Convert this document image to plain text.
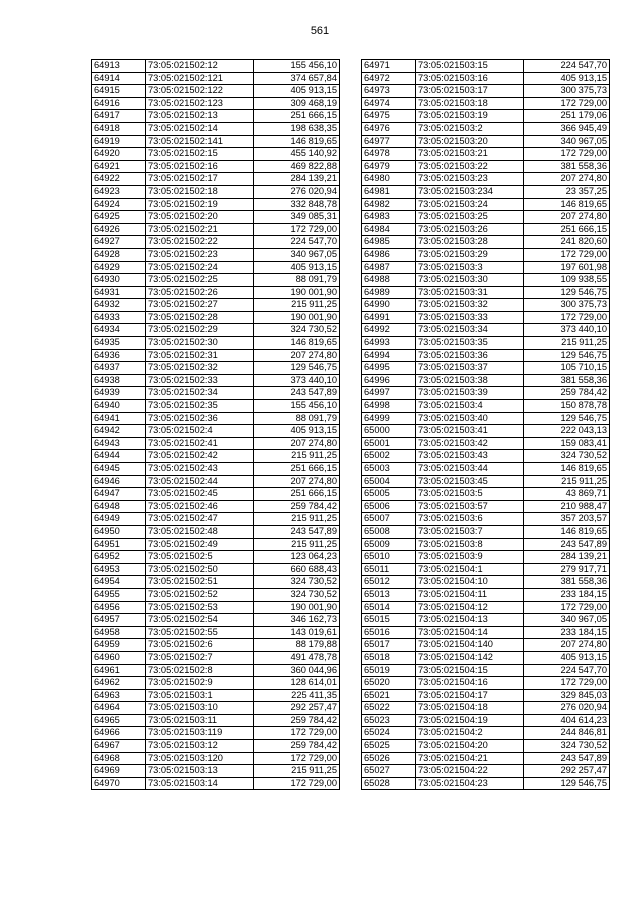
561
64913	73:05:021502:12	155 456,10
64914	73:05:021502:121	374 657,84
64915	73:05:021502:122	405 913,15
64916	73:05:021502:123	309 468,19
64917	73:05:021502:13	251 666,15
64918	73:05:021502:14	198 638,35
64919	73:05:021502:141	146 819,65
64920	73:05:021502:15	455 140,92
64921	73:05:021502:16	469 822,88
64922	73:05:021502:17	284 139,21
64923	73:05:021502:18	276 020,94
64924	73:05:021502:19	332 848,78
64925	73:05:021502:20	349 085,31
64926	73:05:021502:21	172 729,00
64927	73:05:021502:22	224 547,70
64928	73:05:021502:23	340 967,05
64929	73:05:021502:24	405 913,15
64930	73:05:021502:25	88 091,79
64931	73:05:021502:26	190 001,90
64932	73:05:021502:27	215 911,25
64933	73:05:021502:28	190 001,90
64934	73:05:021502:29	324 730,52
64935	73:05:021502:30	146 819,65
64936	73:05:021502:31	207 274,80
64937	73:05:021502:32	129 546,75
64938	73:05:021502:33	373 440,10
64939	73:05:021502:34	243 547,89
64940	73:05:021502:35	155 456,10
64941	73:05:021502:36	88 091,79
64942	73:05:021502:4	405 913,15
64943	73:05:021502:41	207 274,80
64944	73:05:021502:42	215 911,25
64945	73:05:021502:43	251 666,15
64946	73:05:021502:44	207 274,80
64947	73:05:021502:45	251 666,15
64948	73:05:021502:46	259 784,42
64949	73:05:021502:47	215 911,25
64950	73:05:021502:48	243 547,89
64951	73:05:021502:49	215 911,25
64952	73:05:021502:5	123 064,23
64953	73:05:021502:50	660 688,43
64954	73:05:021502:51	324 730,52
64955	73:05:021502:52	324 730,52
64956	73:05:021502:53	190 001,90
64957	73:05:021502:54	346 162,73
64958	73:05:021502:55	143 019,61
64959	73:05:021502:6	88 179,88
64960	73:05:021502:7	491 478,78
64961	73:05:021502:8	360 044,96
64962	73:05:021502:9	128 614,01
64963	73:05:021503:1	225 411,35
64964	73:05:021503:10	292 257,47
64965	73:05:021503:11	259 784,42
64966	73:05:021503:119	172 729,00
64967	73:05:021503:12	259 784,42
64968	73:05:021503:120	172 729,00
64969	73:05:021503:13	215 911,25
64970	73:05:021503:14	172 729,00
64971	73:05:021503:15	224 547,70
64972	73:05:021503:16	405 913,15
64973	73:05:021503:17	300 375,73
64974	73:05:021503:18	172 729,00
64975	73:05:021503:19	251 179,06
64976	73:05:021503:2	366 945,49
64977	73:05:021503:20	340 967,05
64978	73:05:021503:21	172 729,00
64979	73:05:021503:22	381 558,36
64980	73:05:021503:23	207 274,80
64981	73:05:021503:234	23 357,25
64982	73:05:021503:24	146 819,65
64983	73:05:021503:25	207 274,80
64984	73:05:021503:26	251 666,15
64985	73:05:021503:28	241 820,60
64986	73:05:021503:29	172 729,00
64987	73:05:021503:3	197 601,98
64988	73:05:021503:30	109 938,55
64989	73:05:021503:31	129 546,75
64990	73:05:021503:32	300 375,73
64991	73:05:021503:33	172 729,00
64992	73:05:021503:34	373 440,10
64993	73:05:021503:35	215 911,25
64994	73:05:021503:36	129 546,75
64995	73:05:021503:37	105 710,15
64996	73:05:021503:38	381 558,36
64997	73:05:021503:39	259 784,42
64998	73:05:021503:4	150 878,78
64999	73:05:021503:40	129 546,75
65000	73:05:021503:41	222 043,13
65001	73:05:021503:42	159 083,41
65002	73:05:021503:43	324 730,52
65003	73:05:021503:44	146 819,65
65004	73:05:021503:45	215 911,25
65005	73:05:021503:5	43 869,71
65006	73:05:021503:57	210 988,47
65007	73:05:021503:6	357 203,57
65008	73:05:021503:7	146 819,65
65009	73:05:021503:8	243 547,89
65010	73:05:021503:9	284 139,21
65011	73:05:021504:1	279 917,71
65012	73:05:021504:10	381 558,36
65013	73:05:021504:11	233 184,15
65014	73:05:021504:12	172 729,00
65015	73:05:021504:13	340 967,05
65016	73:05:021504:14	233 184,15
65017	73:05:021504:140	207 274,80
65018	73:05:021504:142	405 913,15
65019	73:05:021504:15	224 547,70
65020	73:05:021504:16	172 729,00
65021	73:05:021504:17	329 845,03
65022	73:05:021504:18	276 020,94
65023	73:05:021504:19	404 614,23
65024	73:05:021504:2	244 846,81
65025	73:05:021504:20	324 730,52
65026	73:05:021504:21	243 547,89
65027	73:05:021504:22	292 257,47
65028	73:05:021504:23	129 546,75
